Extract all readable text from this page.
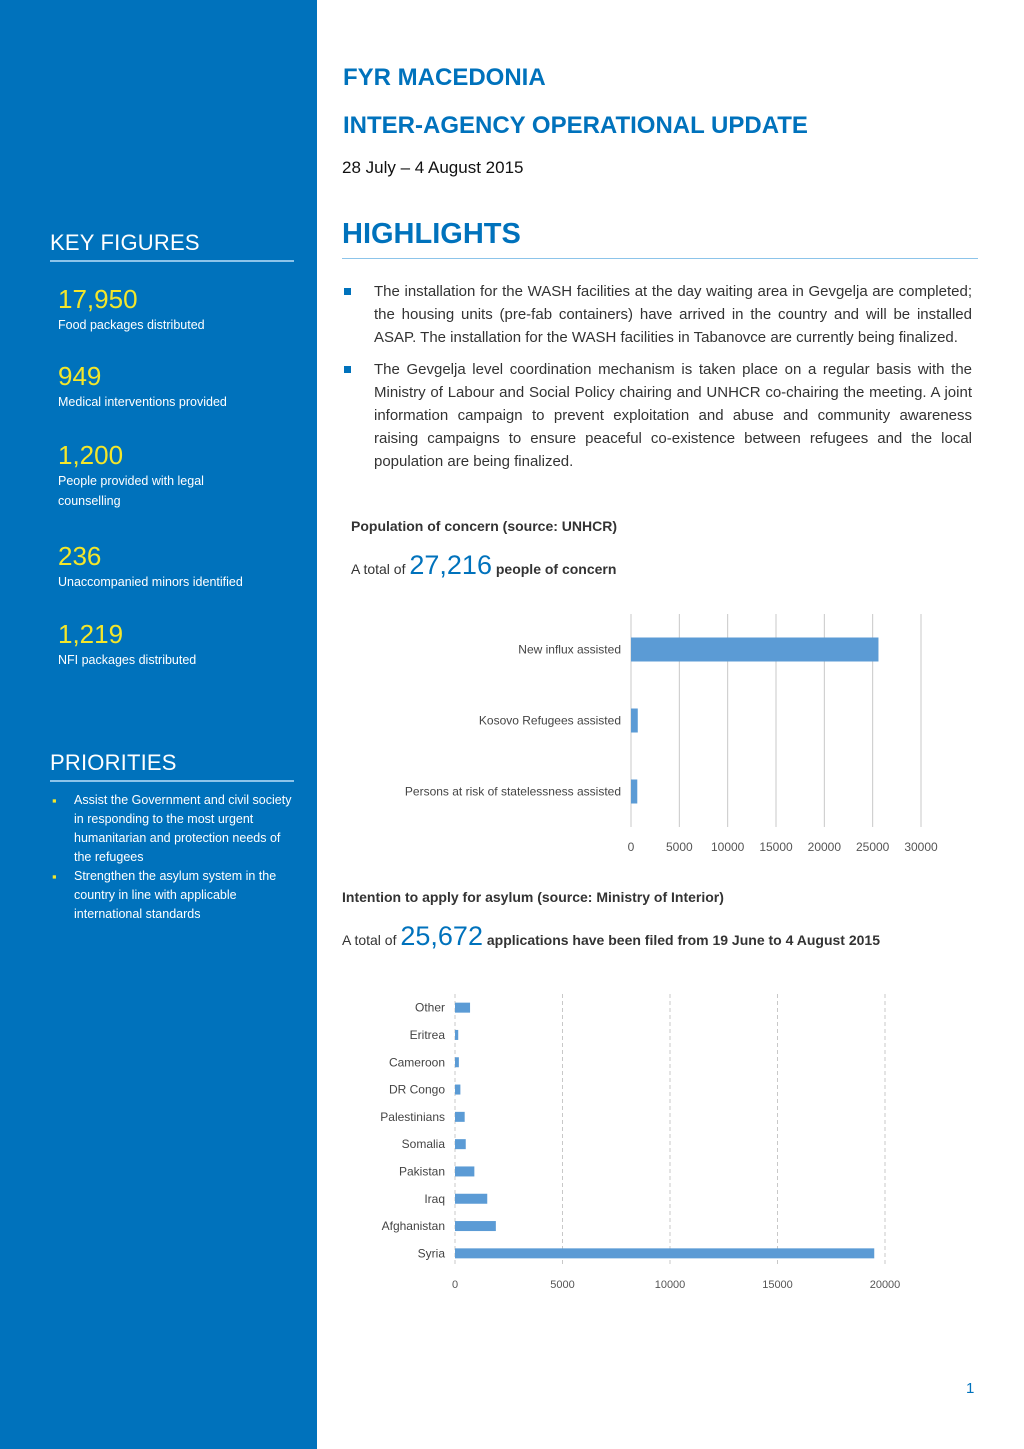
KEY FIGURES
17,950
Food packages distributed
949
Medical interventions provided
1,200
People provided with legal counselling
236
Unaccompanied minors identified
1,219
NFI packages distributed
PRIORITIES
▪ Assist the Government and civil society in responding to the most urgent humanitarian and protection needs of the refugees
▪ Strengthen the asylum system in the country in line with applicable international standards
FYR MACEDONIA
INTER-AGENCY OPERATIONAL UPDATE
28 July – 4 August 2015
HIGHLIGHTS
The installation for the WASH facilities at the day waiting area in Gevgelja are completed; the housing units (pre-fab containers) have arrived in the country and will be installed ASAP. The installation for the WASH facilities in Tabanovce are currently being finalized.
The Gevgelja level coordination mechanism is taken place on a regular basis with the Ministry of Labour and Social Policy chairing and UNHCR co-chairing the meeting. A joint information campaign to prevent exploitation and abuse and community awareness raising campaigns to ensure peaceful co-existence between refugees and the local population are being finalized.
Population of concern (source: UNHCR)
A total of 27,216 people of concern
0	5000 10000 15000 20000 25000 30000
New influx assisted
Kosovo Refugees assisted
Persons at risk of statelessness assisted
Intention to apply for asylum (source: Ministry of Interior)
A total of 25,672 applications have been filed from 19 June to 4 August 2015
0	5000	10000	15000	20000
Other
Eritrea
Cameroon
DR Congo
Palestinians
Somalia
Pakistan
Iraq
Afghanistan
Syria
1
